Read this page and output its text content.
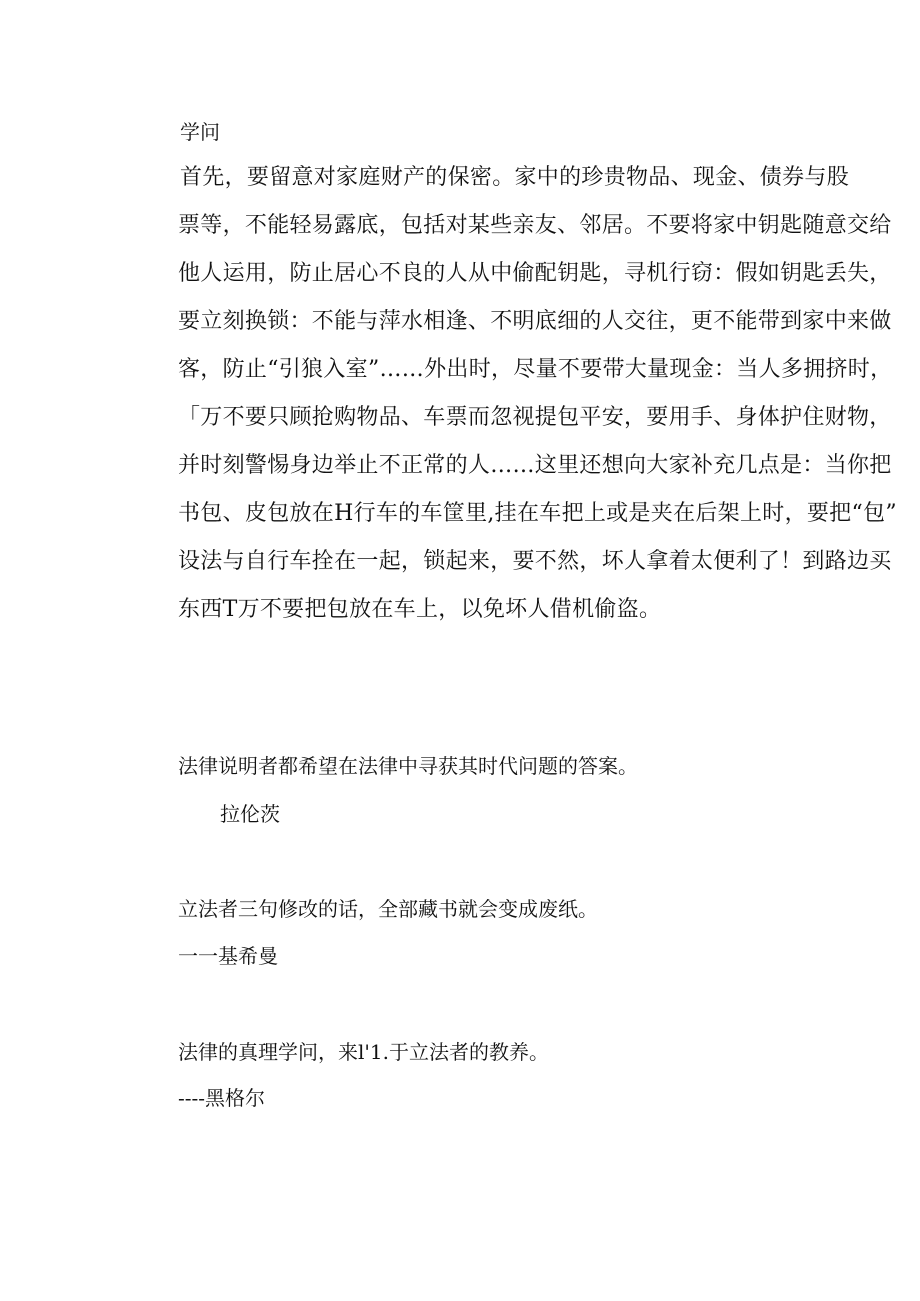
学问
首先，要留意对家庭财产的保密。家中的珍贵物品、现金、债券与股
票等，不能轻易露底，包括对某些亲友、邻居。不要将家中钥匙随意交给
他人运用，防止居心不良的人从中偷配钥匙，寻机行窃：假如钥匙丢失，
要立刻换锁：不能与萍水相逢、不明底细的人交往，更不能带到家中来做
客，防止“引狼入室”……外出时，尽量不要带大量现金：当人多拥挤时，
「万不要只顾抢购物品、车票而忽视提包平安，要用手、身体护住财物，
并时刻警惕身边举止不正常的人……这里还想向大家补充几点是：当你把
书包、皮包放在H行车的车筐里,挂在车把上或是夹在后架上时，要把“包”
设法与自行车拴在一起，锁起来，要不然，坏人拿着太便利了！到路边买
东西T万不要把包放在车上，以免坏人借机偷盗。
法律说明者都希望在法律中寻获其时代问题的答案。
拉伦茨
立法者三句修改的话，全部藏书就会变成废纸。
一一基希曼
法律的真理学问，来l'1.于立法者的教养。
----黑格尔
